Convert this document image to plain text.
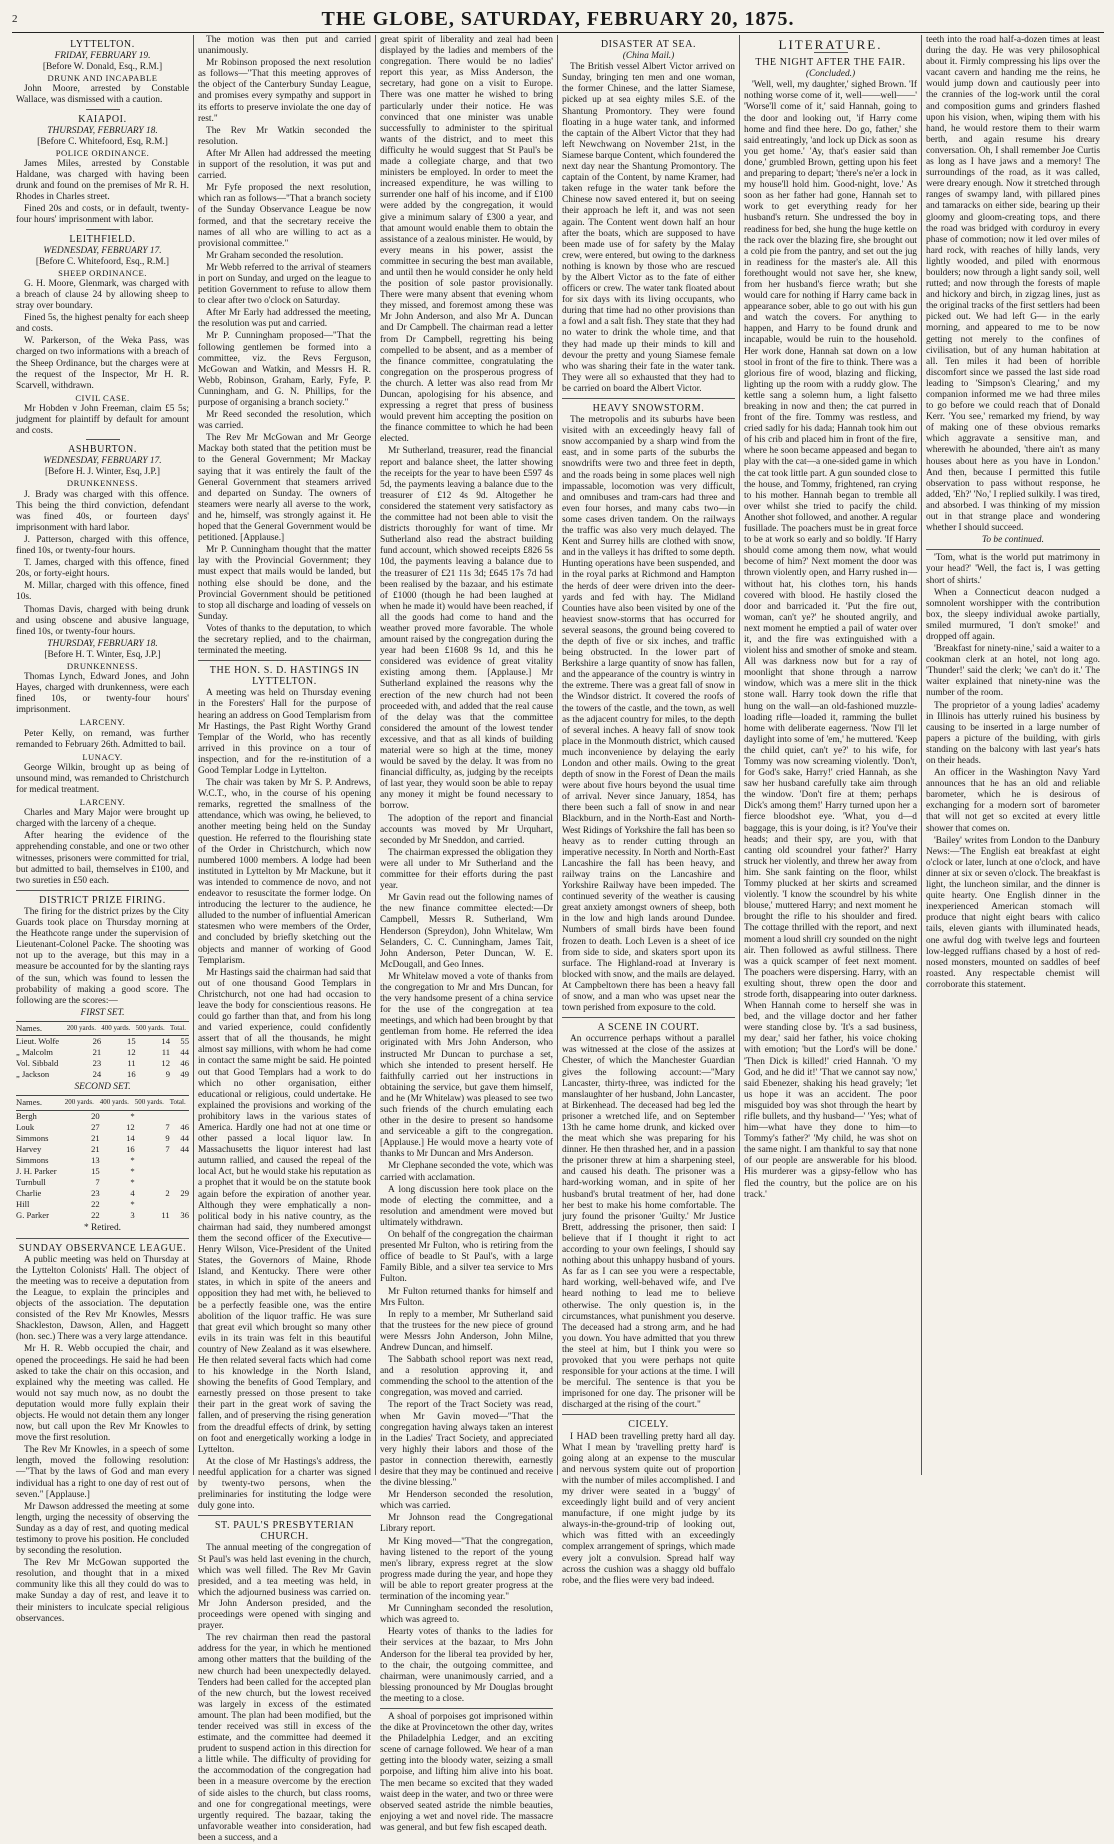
2	THE GLOBE, SATURDAY, FEBRUARY 20, 1875.
LYTTELTON.
FRIDAY, FEBRUARY 19.
[Before W. Donald, Esq., R.M.]
DRUNK AND INCAPABLE

John Moore, arrested by Constable Wallace, was dismissed with a caution.

KAIAPOI.
THURSDAY, FEBRUARY 18.
[Before C. Whitefoord, Esq, R.M.]
POLICE ORDINANCE.

James Miles, arrested by Constable Haldane, was charged with having been drunk and found on the premises of Mr R. H. Rhodes in Charles street.

Fined 20s and costs, or in default, twenty-four hours' imprisonment with labor.

LEITHFIELD.
WEDNESDAY, FEBRUARY 17.
[Before C. Whitefoord, Esq., R.M.]
SHEEP ORDINANCE.

G. H. Moore, Glenmark, was charged with a breach of clause 24 by allowing sheep to stray over boundary.

Fined 5s, the highest penalty for each sheep and costs.

W. Parkerson, of the Weka Pass, was charged on two informations with a breach of the Sheep Ordinance, but the charges were at the request of the Inspector, Mr H. R. Scarvell, withdrawn.

CIVIL CASE.

Mr Hobden v John Freeman, claim £5 5s; judgment for plaintiff by default for amount and costs.

ASHBURTON.
WEDNESDAY, FEBRUARY 17.
[Before H. J. Winter, Esq, J.P.]
DRUNKENNESS.

J. Brady was charged with this offence. This being the third conviction, defendant was fined 40s, or fourteen days' imprisonment with hard labor.

J. Patterson, charged with this offence, fined 10s, or twenty-four hours.

T. James, charged with this offence, fined 20s, or forty-eight hours.

M. Millar, charged with this offence, fined 10s.

Thomas Davis, charged with being drunk and using obscene and abusive language, fined 10s, or twenty-four hours.

THURSDAY, FEBRUARY 18.
[Before H. T. Winter, Esq, J.P.]
DRUNKENNESS.

Thomas Lynch, Edward Jones, and John Hayes, charged with drunkenness, were each fined 10s, or twenty-four hours' imprisonment.

LARCENY.

Peter Kelly, on remand, was further remanded to February 26th. Admitted to bail.

LUNACY.

George Wilkin, brought up as being of unsound mind, was remanded to Christchurch for medical treatment.

LARCENY.

Charles and Mary Major were brought up charged with the larceny of a cheque.

After hearing the evidence of the apprehending constable, and one or two other witnesses, prisoners were committed for trial, but admitted to bail, themselves in £100, and two sureties in £50 each.

DISTRICT PRIZE FIRING.

The firing for the district prizes by the City Guards took place on Thursday morning at the Heathcote range under the supervision of Lieutenant-Colonel Packe. The shooting was not up to the average, but this may in a measure be accounted for by the slanting rays of the sun, which was found to lessen the probability of making a good score. The following are the scores:—

FIRST SET.
Names.	200 yards.	400 yards.	500 yards.	Total.
Lieut. Wolfe	26	15	14	55
„ Malcolm	21	12	11	44
Vol. Sibbald	23	11	12	46
„ Jackson	24	16	9	49
SECOND SET.
Names.	200 yards.	400 yards.	500 yards.	Total.
Bergh	20	*		
Louk	27	12	7	46
Simmons	21	14	9	44
Harvey	21	16	7	44
Simmons	13	*		
J. H. Parker	15	*		
Turnbull	7	*		
Charlie	23	4	2	29
Hill	22	*		
G. Parker	22	3	11	36
* Retired.
SUNDAY OBSERVANCE LEAGUE.

A public meeting was held on Thursday at the Lyttelton Colonists' Hall. The object of the meeting was to receive a deputation from the League, to explain the principles and objects of the association. The deputation consisted of the Rev Mr Knowles, Messrs Shackleston, Dawson, Allen, and Haggett (hon. sec.) There was a very large attendance.

Mr H. R. Webb occupied the chair, and opened the proceedings. He said he had been asked to take the chair on this occasion, and explained why the meeting was called. He would not say much now, as no doubt the deputation would more fully explain their objects. He would not detain them any longer now, but call upon the Rev Mr Knowles to move the first resolution.

The Rev Mr Knowles, in a speech of some length, moved the following resolution:—"That by the laws of God and man every individual has a right to one day of rest out of seven." [Applause.]

Mr Dawson addressed the meeting at some length, urging the necessity of observing the Sunday as a day of rest, and quoting medical testimony to prove his position. He concluded by seconding the resolution.

The Rev Mr McGowan supported the resolution, and thought that in a mixed community like this all they could do was to make Sunday a day of rest, and leave it to their ministers to inculcate special religious observances.

The motion was then put and carried unanimously.

Mr Robinson proposed the next resolution as follows—"That this meeting approves of the object of the Canterbury Sunday League, and promises every sympathy and support in its efforts to preserve inviolate the one day of rest."

The Rev Mr Watkin seconded the resolution.

After Mr Allen had addressed the meeting in support of the resolution, it was put and carried.

Mr Fyfe proposed the next resolution, which ran as follows—"That a branch society of the Sunday Observance League be now formed, and that the secretary receive the names of all who are willing to act as a provisional committee."

Mr Graham seconded the resolution.

Mr Webb referred to the arrival of steamers in port on Sunday, and urged on the league to petition Government to refuse to allow them to clear after two o'clock on Saturday.

After Mr Early had addressed the meeting, the resolution was put and carried.

Mr P. Cunningham proposed—"That the following gentlemen be formed into a committee, viz. the Revs Ferguson, McGowan and Watkin, and Messrs H. R. Webb, Robinson, Graham, Early, Fyfe, P. Cunningham, and G. N. Phillips, for the purpose of organising a branch society."

Mr Reed seconded the resolution, which was carried.

The Rev Mr McGowan and Mr George Mackay both stated that the petition must be to the General Government; Mr Mackay saying that it was entirely the fault of the General Government that steamers arrived and departed on Sunday. The owners of steamers were nearly all averse to the work, and he, himself, was strongly against it. He hoped that the General Government would be petitioned. [Applause.]

Mr P. Cunningham thought that the matter lay with the Provincial Government; they must expect that mails would be landed, but nothing else should be done, and the Provincial Government should be petitioned to stop all discharge and loading of vessels on Sunday.

Votes of thanks to the deputation, to which the secretary replied, and to the chairman, terminated the meeting.

THE HON. S. D. HASTINGS IN LYTTELTON.

A meeting was held on Thursday evening in the Foresters' Hall for the purpose of hearing an address on Good Templarism from Mr Hastings, the Past Right Worthy Grand Templar of the World, who has recently arrived in this province on a tour of inspection, and for the re-institution of a Good Templar Lodge in Lyttelton.

The chair was taken by Mr S. P. Andrews, W.C.T., who, in the course of his opening remarks, regretted the smallness of the attendance, which was owing, he believed, to another meeting being held on the Sunday question. He referred to the flourishing state of the Order in Christchurch, which now numbered 1000 members. A lodge had been instituted in Lyttelton by Mr Mackune, but it was intended to commence de novo, and not endeavor to resuscitate the former lodge. On introducing the lecturer to the audience, he alluded to the number of influential American statesmen who were members of the Order, and concluded by briefly sketching out the objects and manner of working of Good Templarism.

Mr Hastings said the chairman had said that out of one thousand Good Templars in Christchurch, not one had had occasion to leave the body for conscientious reasons. He could go farther than that, and from his long and varied experience, could confidently assert that of all the thousands, he might almost say millions, with whom he had come in contact the same might be said. He pointed out that Good Templars had a work to do which no other organisation, either educational or religious, could undertake. He explained the provisions and working of the prohibitory laws in the various states of America. Hardly one had not at one time or other passed a local liquor law. In Massachusetts the liquor interest had last autumn rallied, and caused the repeal of the local Act, but he would stake his reputation as a prophet that it would be on the statute book again before the expiration of another year. Although they were emphatically a non-political body in his native country, as the chairman had said, they numbered amongst them the second officer of the Executive—Henry Wilson, Vice-President of the United States, the Governors of Maine, Rhode Island, and Kentucky. There were other states, in which in spite of the aneers and opposition they had met with, he believed to be a perfectly feasible one, was the entire abolition of the liquor traffic. He was sure that great evil which brought so many other evils in its train was felt in this beautiful country of New Zealand as it was elsewhere. He then related several facts which had come to his knowledge in the North Island, showing the benefits of Good Templary, and earnestly pressed on those present to take their part in the great work of saving the fallen, and of preserving the rising generation from the dreadful effects of drink, by setting on foot and energetically working a lodge in Lyttelton.

At the close of Mr Hastings's address, the needful application for a charter was signed by twenty-two persons, when the preliminaries for instituting the lodge were duly gone into.

ST. PAUL'S PRESBYTERIAN CHURCH.

The annual meeting of the congregation of St Paul's was held last evening in the church, which was well filled. The Rev Mr Gavin presided, and a tea meeting was held, in which the adjourned business was carried on. Mr John Anderson presided, and the proceedings were opened with singing and prayer.

The rev chairman then read the pastoral address for the year, in which he mentioned among other matters that the building of the new church had been unexpectedly delayed. Tenders had been called for the accepted plan of the new church, but the lowest received was largely in excess of the estimated amount. The plan had been modified, but the tender received was still in excess of the estimate, and the committee had deemed it prudent to suspend action in this direction for a little while. The difficulty of providing for the accommodation of the congregation had been in a measure overcome by the erection of side aisles to the church, but class rooms, and one for congregational meetings, were urgently required. The bazaar, taking the unfavorable weather into consideration, had been a success, and a

great spirit of liberality and zeal had been displayed by the ladies and members of the congregation. There would be no ladies' report this year, as Miss Anderson, the secretary, had gone on a visit to Europe. There was one matter he wished to bring particularly under their notice. He was convinced that one minister was unable successfully to administer to the spiritual wants of the district, and to meet this difficulty he would suggest that St Paul's be made a collegiate charge, and that two ministers be employed. In order to meet the increased expenditure, he was willing to surrender one half of his income, and if £100 were added by the congregation, it would give a minimum salary of £300 a year, and that amount would enable them to obtain the assistance of a zealous minister. He would, by every means in his power, assist the committee in securing the best man available, and until then he would consider he only held the position of sole pastor provisionally. There were many absent that evening whom they missed, and foremost among these was Mr John Anderson, and also Mr A. Duncan and Dr Campbell. The chairman read a letter from Dr Campbell, regretting his being compelled to be absent, and as a member of the finance committee, congratulating the congregation on the prosperous progress of the church. A letter was also read from Mr Duncan, apologising for his absence, and expressing a regret that press of business would prevent him accepting the position on the finance committee to which he had been elected.

Mr Sutherland, treasurer, read the financial report and balance sheet, the latter showing the receipts for the year to have been £597 4s 5d, the payments leaving a balance due to the treasurer of £12 4s 9d. Altogether he considered the statement very satisfactory as the committee had not been able to visit the districts thoroughly for want of time. Mr Sutherland also read the abstract building fund account, which showed receipts £826 5s 10d, the payments leaving a balance due to the treasurer of £21 11s 3d; £645 17s 7d had been realised by the bazaar, and his estimate of £1000 (though he had been laughed at when he made it) would have been reached, if all the goods had come to hand and the weather proved more favorable. The whole amount raised by the congregation during the year had been £1608 9s 1d, and this he considered was evidence of great vitality existing among them. [Applause.] Mr Sutherland explained the reasons why the erection of the new church had not been proceeded with, and added that the real cause of the delay was that the committee considered the amount of the lowest tender excessive, and that as all kinds of building material were so high at the time, money would be saved by the delay. It was from no financial difficulty, as, judging by the receipts of last year, they would soon be able to repay any money it might be found necessary to borrow.

The adoption of the report and financial accounts was moved by Mr Urquhart, seconded by Mr Sneddon, and carried.

The chairman expressed the obligation they were all under to Mr Sutherland and the committee for their efforts during the past year.

Mr Gavin read out the following names of the new finance committee elected:—Dr Campbell, Messrs R. Sutherland, Wm Henderson (Spreydon), John Whitelaw, Wm Selanders, C. C. Cunningham, James Tait, John Anderson, Peter Duncan, W. E. McDougall, and Geo Innes.

Mr Whitelaw moved a vote of thanks from the congregation to Mr and Mrs Duncan, for the very handsome present of a china service for the use of the congregation at tea meetings, and which had been brought by that gentleman from home. He referred the idea originated with Mrs John Anderson, who instructed Mr Duncan to purchase a set, which she intended to present herself. He faithfully carried out her instructions in obtaining the service, but gave them himself, and he (Mr Whitelaw) was pleased to see two such friends of the church emulating each other in the desire to present so handsome and serviceable a gift to the congregation. [Applause.] He would move a hearty vote of thanks to Mr Duncan and Mrs Anderson.

Mr Clephane seconded the vote, which was carried with acclamation.

A long discussion here took place on the mode of electing the committee, and a resolution and amendment were moved but ultimately withdrawn.

On behalf of the congregation the chairman presented Mr Fulton, who is retiring from the office of beadle to St Paul's, with a large Family Bible, and a silver tea service to Mrs Fulton.

Mr Fulton returned thanks for himself and Mrs Fulton.

In reply to a member, Mr Sutherland said that the trustees for the new piece of ground were Messrs John Anderson, John Milne, Andrew Duncan, and himself.

The Sabbath school report was next read, and a resolution approving it, and commending the school to the attention of the congregation, was moved and carried.

The report of the Tract Society was read, when Mr Gavin moved—"That the congregation having always taken an interest in the Ladies' Tract Society, and appreciated very highly their labors and those of the pastor in connection therewith, earnestly desire that they may be continued and receive the divine blessing."

Mr Henderson seconded the resolution, which was carried.

Mr Johnson read the Congregational Library report.

Mr King moved—"That the congregation, having listened to the report of the young men's library, express regret at the slow progress made during the year, and hope they will be able to report greater progress at the termination of the incoming year."

Mr Cunningham seconded the resolution, which was agreed to.

Hearty votes of thanks to the ladies for their services at the bazaar, to Mrs John Anderson for the liberal tea provided by her, to the chair, the outgoing committee, and chairman, were unanimously carried, and a blessing pronounced by Mr Douglas brought the meeting to a close.

A shoal of porpoises got imprisoned within the dike at Provincetown the other day, writes the Philadelphia Ledger, and an exciting scene of carnage followed. We hear of a man getting into the bloody water, seizing a small porpoise, and lifting him alive into his boat. The men became so excited that they waded waist deep in the water, and two or three were observed seated astride the nimble beauties, enjoying a wet and novel ride. The massacre was general, and but few fish escaped death.

DISASTER AT SEA.
(China Mail.)

The British vessel Albert Victor arrived on Sunday, bringing ten men and one woman, the former Chinese, and the latter Siamese, picked up at sea eighty miles S.E. of the Shantung Promontory. They were found floating in a huge water tank, and informed the captain of the Albert Victor that they had left Newchwang on November 21st, in the Siamese barque Content, which foundered the next day near the Shantung Promontory. The captain of the Content, by name Kramer, had taken refuge in the water tank before the Chinese now saved entered it, but on seeing their approach he left it, and was not seen again. The Content went down half an hour after the boats, which are supposed to have been made use of for safety by the Malay crew, were entered, but owing to the darkness nothing is known by those who are rescued by the Albert Victor as to the fate of either officers or crew. The water tank floated about for six days with its living occupants, who during that time had no other provisions than a fowl and a salt fish. They state that they had no water to drink the whole time, and that they had made up their minds to kill and devour the pretty and young Siamese female who was sharing their fate in the water tank. They were all so exhausted that they had to be carried on board the Albert Victor.

HEAVY SNOWSTORM.

The metropolis and its suburbs have been visited with an exceedingly heavy fall of snow accompanied by a sharp wind from the east, and in some parts of the suburbs the snowdrifts were two and three feet in depth, and the roads being in some places well nigh impassable, locomotion was very difficult, and omnibuses and tram-cars had three and even four horses, and many cabs two—in some cases driven tandem. On the railways the traffic was also very much delayed. The Kent and Surrey hills are clothed with snow, and in the valleys it has drifted to some depth. Hunting operations have been suspended, and in the royal parks at Richmond and Hampton the herds of deer were driven into the deer-yards and fed with hay. The Midland Counties have also been visited by one of the heaviest snow-storms that has occurred for several seasons, the ground being covered to the depth of five or six inches, and traffic being obstructed. In the lower part of Berkshire a large quantity of snow has fallen, and the appearance of the country is wintry in the extreme. There was a great fall of snow in the Windsor district. It covered the roofs of the towers of the castle, and the town, as well as the adjacent country for miles, to the depth of several inches. A heavy fall of snow took place in the Monmouth district, which caused much inconvenience by delaying the early London and other mails. Owing to the great depth of snow in the Forest of Dean the mails were about five hours beyond the usual time of arrival. Never since January, 1854, has there been such a fall of snow in and near Blackburn, and in the North-East and North-West Ridings of Yorkshire the fall has been so heavy as to render cutting through an imperative necessity. In North and North-East Lancashire the fall has been heavy, and railway trains on the Lancashire and Yorkshire Railway have been impeded. The continued severity of the weather is causing great anxiety amongst owners of sheep, both in the low and high lands around Dundee. Numbers of small birds have been found frozen to death. Loch Leven is a sheet of ice from side to side, and skaters sport upon its surface. The Highland-road at Inverary is blocked with snow, and the mails are delayed. At Campbeltown there has been a heavy fall of snow, and a man who was upset near the town perished from exposure to the cold.

A SCENE IN COURT.

An occurrence perhaps without a parallel was witnessed at the close of the assizes at Chester, of which the Manchester Guardian gives the following account:—"Mary Lancaster, thirty-three, was indicted for the manslaughter of her husband, John Lancaster, at Birkenhead. The deceased had beg led the prisoner a wretched life, and on September 13th he came home drunk, and kicked over the meat which she was preparing for his dinner. He then thrashed her, and in a passion the prisoner threw at him a sharpening steel, and caused his death. The prisoner was a hard-working woman, and in spite of her husband's brutal treatment of her, had done her best to make his home comfortable. The jury found the prisoner 'Guilty.' Mr Justice Brett, addressing the prisoner, then said: I believe that if I thought it right to act according to your own feelings, I should say nothing about this unhappy husband of yours. As far as I can see you were a respectable, hard working, well-behaved wife, and I've heard nothing to lead me to believe otherwise. The only question is, in the circumstances, what punishment you deserve. The deceased had a strong arm, and he had you down. You have admitted that you threw the steel at him, but I think you were so provoked that you were perhaps not quite responsible for your actions at the time. I will be merciful. The sentence is that you be imprisoned for one day. The prisoner will be discharged at the rising of the court."

CICELY.

I HAD been travelling pretty hard all day. What I mean by 'travelling pretty hard' is going along at an expense to the muscular and nervous system quite out of proportion with the number of miles accomplished. I and my driver were seated in a 'buggy' of exceedingly light build and of very ancient manufacture, if one might judge by its always-in-the-ground-trip of looking out, which was fitted with an exceedingly complex arrangement of springs, which made every jolt a convulsion. Spread half way across the cushion was a shaggy old buffalo robe, and the flies were very bad indeed.

LITERATURE.
THE NIGHT AFTER THE FAIR.
(Concluded.)

'Well, well, my daughter,' sighed Brown. 'If nothing worse come of it, well——well——' 'Worse'll come of it,' said Hannah, going to the door and looking out, 'if Harry come home and find thee here. Do go, father,' she said entreatingly, 'and lock up Dick as soon as you get home.' 'Ay, that's easier said than done,' grumbled Brown, getting upon his feet and preparing to depart; 'there's ne'er a lock in my house'll hold him. Good-night, love.' As soon as her father had gone, Hannah set to work to get everything ready for her husband's return. She undressed the boy in readiness for bed, she hung the huge kettle on the rack over the blazing fire, she brought out a cold pie from the pantry, and set out the jug in readiness for the master's ale. All this forethought would not save her, she knew, from her husband's fierce wrath; but she would care for nothing if Harry came back in appearance sober, able to go out with his gun and watch the covers. For anything to happen, and Harry to be found drunk and incapable, would be ruin to the household. Her work done, Hannah sat down on a low stool in front of the fire to think. There was a glorious fire of wood, blazing and flicking, lighting up the room with a ruddy glow. The kettle sang a solemn hum, a light falsetto breaking in now and then; the cat purred in front of the fire. Tommy was restless, and cried sadly for his dada; Hannah took him out of his crib and placed him in front of the fire, where he soon became appeased and began to play with the cat—a one-sided game in which the cat took little part. A gun sounded close to the house, and Tommy, frightened, ran crying to his mother. Hannah began to tremble all over whilst she tried to pacify the child. Another shot followed, and another. A regular fusillade. The poachers must be in great force to be at work so early and so boldly. 'If Harry should come among them now, what would become of him?' Next moment the door was thrown violently open, and Harry rushed in—without hat, his clothes torn, his hands covered with blood. He hastily closed the door and barricaded it. 'Put the fire out, woman, can't ye?' he shouted angrily, and next moment he emptied a pail of water over it, and the fire was extinguished with a violent hiss and smother of smoke and steam. All was darkness now but for a ray of moonlight that shone through a narrow window, which was a mere slit in the thick stone wall. Harry took down the rifle that hung on the wall—an old-fashioned muzzle-loading rifle—loaded it, ramming the bullet home with deliberate eagerness. 'Now I'll let daylight into some of 'em,' he muttered. 'Keep the child quiet, can't ye?' to his wife, for Tommy was now screaming violently. 'Don't, for God's sake, Harry!' cried Hannah, as she saw her husband carefully take aim through the window. 'Don't fire at them; perhaps Dick's among them!' Harry turned upon her a fierce bloodshot eye. 'What, you d—d baggage, this is your doing, is it? You've their heads; and their spy, are you, with that canting old scoundrel your father?' Harry struck her violently, and threw her away from him. She sank fainting on the floor, whilst Tommy plucked at her skirts and screamed violently. 'I know the scoundrel by his white blouse,' muttered Harry; and next moment he brought the rifle to his shoulder and fired. The cottage thrilled with the report, and next moment a loud shrill cry sounded on the night air. Then followed as awful stillness. There was a quick scamper of feet next moment. The poachers were dispersing. Harry, with an exulting shout, threw open the door and strode forth, disappearing into outer darkness. When Hannah come to herself she was in bed, and the village doctor and her father were standing close by. 'It's a sad business, my dear,' said her father, his voice choking with emotion; 'but the Lord's will be done.' 'Then Dick is killed!' cried Hannah. 'O my God, and he did it!' 'That we cannot say now,' said Ebenezer, shaking his head gravely; 'let us hope it was an accident. The poor misguided boy was shot through the heart by rifle bullets, and thy husband—' 'Yes; what of him—what have they done to him—to Tommy's father?' 'My child, he was shot on the same night. I am thankful to say that none of our people are answerable for his blood. His murderer was a gipsy-fellow who has fled the country, but the police are on his track.'

teeth into the road half-a-dozen times at least during the day. He was very philosophical about it. Firmly compressing his lips over the vacant cavern and handing me the reins, he would jump down and cautiously peer into the crannies of the log-work until the coral and composition gums and grinders flashed upon his vision, when, wiping them with his hand, he would restore them to their warm berth, and again resume his dreary conversation. Oh, I shall remember Joe Curtis as long as I have jaws and a memory! The surroundings of the road, as it was called, were dreary enough. Now it stretched through ranges of swampy land, with pillared pines and tamaracks on either side, bearing up their gloomy and gloom-creating tops, and there the road was bridged with corduroy in every phase of commotion; now it led over miles of hard rock, with reaches of hilly lands, very lightly wooded, and piled with enormous boulders; now through a light sandy soil, well rutted; and now through the forests of maple and hickory and birch, in zigzag lines, just as the original tracks of the first settlers had been picked out. We had left G— in the early morning, and appeared to me to be now getting not merely to the confines of civilisation, but of any human habitation at all. Ten miles it had been of horrible discomfort since we passed the last side road leading to 'Simpson's Clearing,' and my companion informed me we had three miles to go before we could reach that of Donald Kerr. 'You see,' remarked my friend, by way of making one of these obvious remarks which aggravate a sensitive man, and wherewith he abounded, 'there ain't as many houses about here as you have in London.' And then, because I permitted this futile observation to pass without response, he added, 'Eh?' 'No,' I replied sulkily. I was tired, and absorbed. I was thinking of my mission out in that strange place and wondering whether I should succeed.

To be continued.

'Tom, what is the world put matrimony in your head?' 'Well, the fact is, I was getting short of shirts.'

When a Connecticut deacon nudged a somnolent worshipper with the contribution box, the sleepy individual awoke partially, smiled murmured, 'I don't smoke!' and dropped off again.

'Breakfast for ninety-nine,' said a waiter to a cookman clerk at an hotel, not long ago. 'Thunder!' said the clerk; 'we can't do it.' The waiter explained that ninety-nine was the number of the room.

The proprietor of a young ladies' academy in Illinois has utterly ruined his business by causing to be inserted in a large number of papers a picture of the building, with girls standing on the balcony with last year's hats on their heads.

An officer in the Washington Navy Yard announces that he has an old and reliable barometer, which he is desirous of exchanging for a modern sort of barometer that will not get so excited at every little shower that comes on.

'Bailey' writes from London to the Danbury News:—'The English eat breakfast at eight o'clock or later, lunch at one o'clock, and have dinner at six or seven o'clock. The breakfast is light, the luncheon similar, and the dinner is quite hearty. One English dinner in the inexperienced American stomach will produce that night eight bears with calico tails, eleven giants with illuminated heads, one awful dog with twelve legs and fourteen low-legged ruffians chased by a host of red-nosed monsters, mounted on saddles of beef roasted. Any respectable chemist will corroborate this statement.
